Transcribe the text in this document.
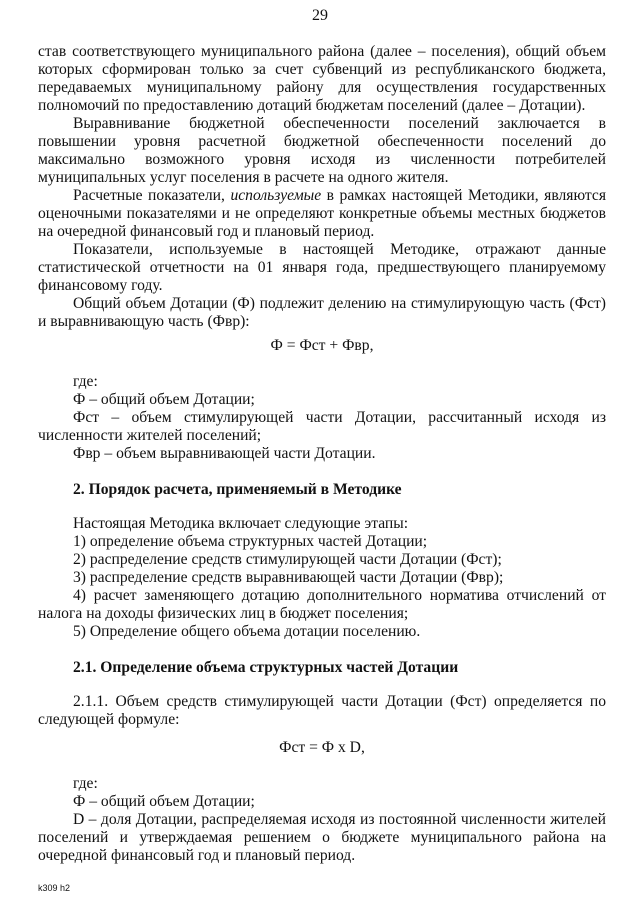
29

став соответствующего муниципального района (далее – поселения), общий объем которых сформирован только за счет субвенций из республиканского бюджета, передаваемых муниципальному району для осуществления государственных полномочий по предоставлению дотаций бюджетам поселений (далее – Дотации).

Выравнивание бюджетной обеспеченности поселений заключается в повышении уровня расчетной бюджетной обеспеченности поселений до максимально возможного уровня исходя из численности потребителей муниципальных услуг поселения в расчете на одного жителя.

Расчетные показатели, используемые в рамках настоящей Методики, являются оценочными показателями и не определяют конкретные объемы местных бюджетов на очередной финансовый год и плановый период.

Показатели, используемые в настоящей Методике, отражают данные статистической отчетности на 01 января года, предшествующего планируемому финансовому году.

Общий объем Дотации (Ф) подлежит делению на стимулирующую часть (Фст) и выравнивающую часть (Фвр):

Ф = Фст + Фвр,

где:

Ф – общий объем Дотации;

Фст – объем стимулирующей части Дотации, рассчитанный исходя из численности жителей поселений;

Фвр – объем выравнивающей части Дотации.

2. Порядок расчета, применяемый в Методике

Настоящая Методика включает следующие этапы:

1) определение объема структурных частей Дотации;

2) распределение средств стимулирующей части Дотации (Фст);

3) распределение средств выравнивающей части Дотации (Фвр);

4) расчет заменяющего дотацию дополнительного норматива отчислений от налога на доходы физических лиц в бюджет поселения;

5) Определение общего объема дотации поселению.

2.1. Определение объема структурных частей Дотации

2.1.1. Объем средств стимулирующей части Дотации (Фст) определяется по следующей формуле:

Фст = Ф х D,

где:

Ф – общий объем Дотации;

D – доля Дотации, распределяемая исходя из постоянной численности жителей поселений и утверждаемая решением о бюджете муниципального района на очередной финансовый год и плановый период.

k309 h2
